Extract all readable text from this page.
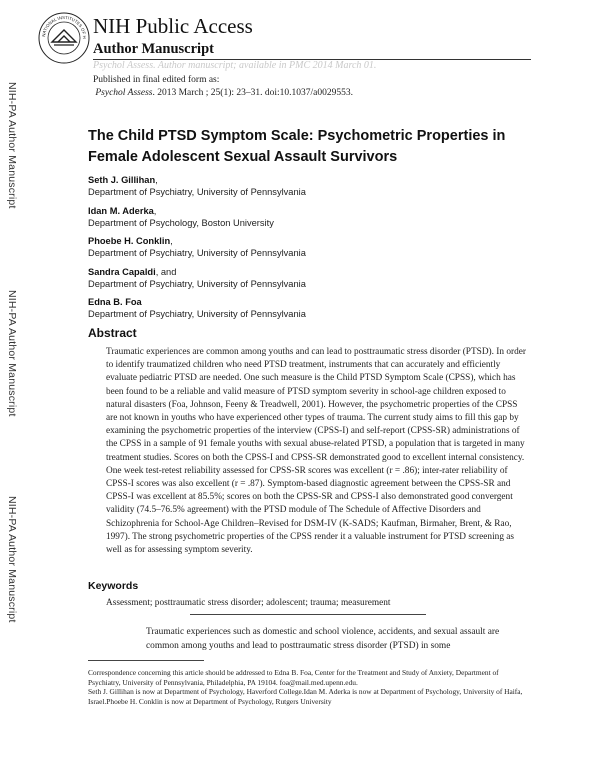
NATIONAL INSTITUTES OF H NIH Public Access
Author Manuscript
Psychol Assess. Author manuscript; available in PMC 2014 March 01.
Published in final edited form as:
Psychol Assess. 2013 March ; 25(1): 23–31. doi:10.1037/a0029553.
NIH-PA Author Manuscript
NIH-PA Author Manuscript
NIH-PA Author Manuscript
The Child PTSD Symptom Scale: Psychometric Properties in Female Adolescent Sexual Assault Survivors
Seth J. Gillihan,
Department of Psychiatry, University of Pennsylvania
Idan M. Aderka,
Department of Psychology, Boston University
Phoebe H. Conklin,
Department of Psychiatry, University of Pennsylvania
Sandra Capaldi, and
Department of Psychiatry, University of Pennsylvania
Edna B. Foa
Department of Psychiatry, University of Pennsylvania
Abstract

Traumatic experiences are common among youths and can lead to posttraumatic stress disorder (PTSD). In order to identify traumatized children who need PTSD treatment, instruments that can accurately and efficiently evaluate pediatric PTSD are needed. One such measure is the Child PTSD Symptom Scale (CPSS), which has been found to be a reliable and valid measure of PTSD symptom severity in school-age children exposed to natural disasters (Foa, Johnson, Feeny & Treadwell, 2001). However, the psychometric properties of the CPSS are not known in youths who have experienced other types of trauma. The current study aims to fill this gap by examining the psychometric properties of the interview (CPSS-I) and self-report (CPSS-SR) administrations of the CPSS in a sample of 91 female youths with sexual abuse-related PTSD, a population that is targeted in many treatment studies. Scores on both the CPSS-I and CPSS-SR demonstrated good to excellent internal consistency. One week test-retest reliability assessed for CPSS-SR scores was excellent (r = .86); inter-rater reliability of CPSS-I scores was also excellent (r = .87). Symptom-based diagnostic agreement between the CPSS-SR and CPSS-I was excellent at 85.5%; scores on both the CPSS-SR and CPSS-I also demonstrated good convergent validity (74.5–76.5% agreement) with the PTSD module of The Schedule of Affective Disorders and Schizophrenia for School-Age Children–Revised for DSM-IV (K-SADS; Kaufman, Birmaher, Brent, & Rao, 1997). The strong psychometric properties of the CPSS render it a valuable instrument for PTSD screening as well as for assessing symptom severity.

Keywords
Assessment; posttraumatic stress disorder; adolescent; trauma; measurement

Traumatic experiences such as domestic and school violence, accidents, and sexual assault are common among youths and lead to posttraumatic stress disorder (PTSD) in some

Correspondence concerning this article should be addressed to Edna B. Foa, Center for the Treatment and Study of Anxiety, Department of Psychiatry, University of Pennsylvania, Philadelphia, PA 19104. foa@mail.med.upenn.edu.
Seth J. Gillihan is now at Department of Psychology, Haverford College.Idan M. Aderka is now at Department of Psychology, University of Haifa, Israel.Phoebe H. Conklin is now at Department of Psychology, Rutgers University
